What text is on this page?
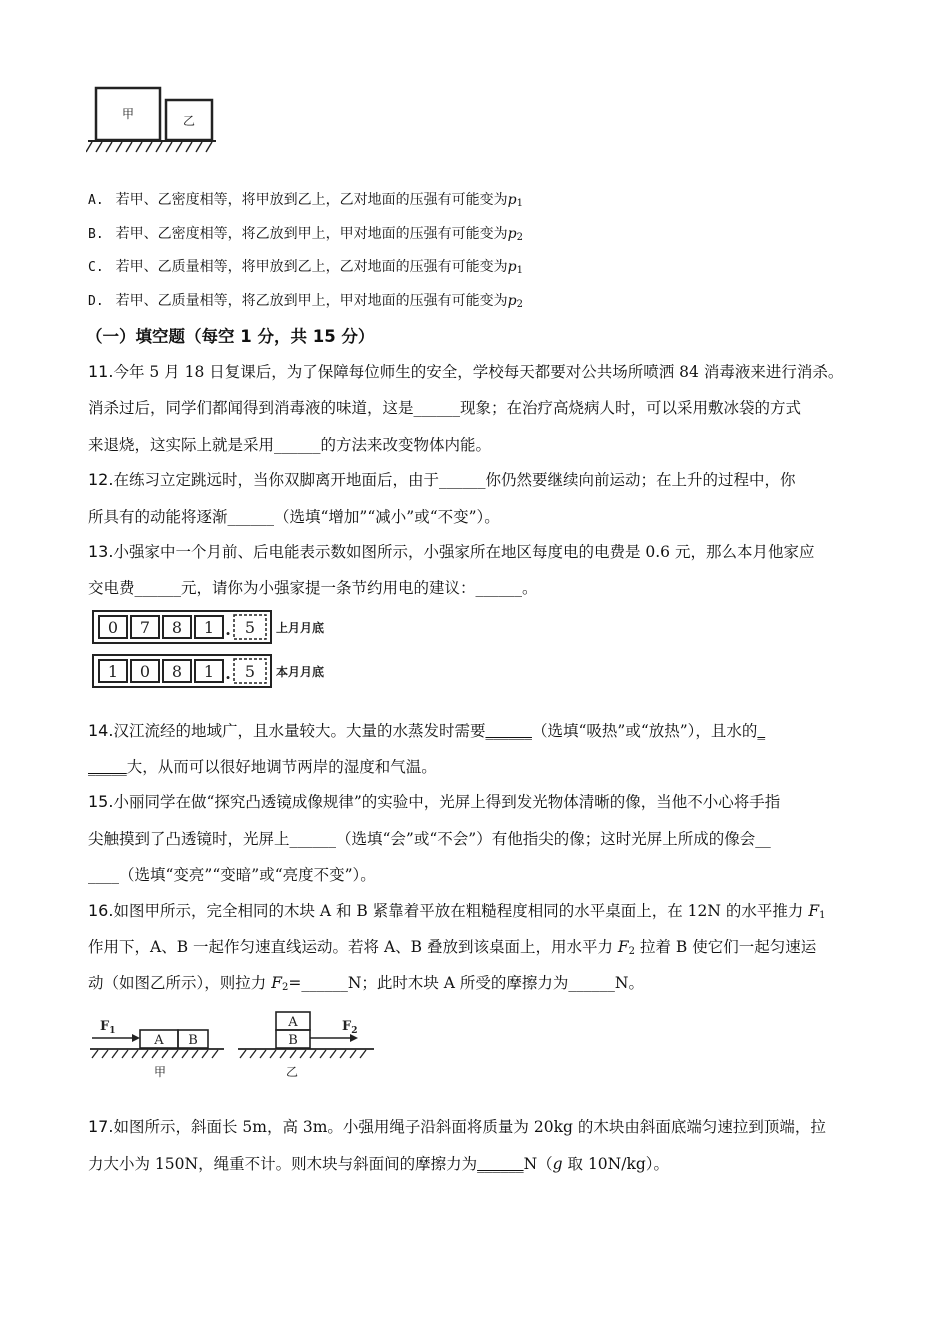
甲	乙
A. 若甲、乙密度相等，将甲放到乙上，乙对地面的压强有可能变为$p_1$
B. 若甲、乙密度相等，将乙放到甲上，甲对地面的压强有可能变为$p_2$
C. 若甲、乙质量相等，将甲放到乙上，乙对地面的压强有可能变为$p_1$
D. 若甲、乙质量相等，将乙放到甲上，甲对地面的压强有可能变为$p_2$
（一）填空题（每空 1 分，共 15 分）
11.今年 5 月 18 日复课后，为了保障每位师生的安全，学校每天都要对公共场所喷洒 84 消毒液来进行消杀。
消杀过后，同学们都闻得到消毒液的味道，这是______现象；在治疗高烧病人时，可以采用敷冰袋的方式
来退烧，这实际上就是采用______的方法来改变物体内能。
12.在练习立定跳远时，当你双脚离开地面后，由于______你仍然要继续向前运动；在上升的过程中，你
所具有的动能将逐渐______（选填“增加”“减小”或“不变”）。
13.小强家中一个月前、后电能表示数如图所示，小强家所在地区每度电的电费是 0.6 元，那么本月他家应
交电费______元，请你为小强家提一条节约用电的建议：______。
0 7 8 1 . 5 上月月底
1 0 8 1 . 5 本月月底
14.汉江流经的地域广，且水量较大。大量的水蒸发时需要______（选填“吸热”或“放热”），且水的_
_____大，从而可以很好地调节两岸的湿度和气温。
15.小丽同学在做“探究凸透镜成像规律”的实验中，光屏上得到发光物体清晰的像，当他不小心将手指
尖触摸到了凸透镜时，光屏上______（选填“会”或“不会”）有他指尖的像；这时光屏上所成的像会__
____（选填“变亮”“变暗”或“亮度不变”）。
16.如图甲所示，完全相同的木块 A 和 B 紧靠着平放在粗糙程度相同的水平桌面上，在 12N 的水平推力 $F_1$
作用下，A、B 一起作匀速直线运动。若将 A、B 叠放到该桌面上，用水平力 $F_2$ 拉着 B 使它们一起匀速运
动（如图乙所示），则拉力 $F_2=\_\_\_\_\_\_N$；此时木块 A 所受的摩擦力为______N。
$F_1$
A B
甲
A
B
$F_2$
乙
17.如图所示，斜面长 5m，高 3m。小强用绳子沿斜面将质量为 20kg 的木块由斜面底端匀速拉到顶端，拉
力大小为 150N，绳重不计。则木块与斜面间的摩擦力为______N（g 取 10N/kg）。
